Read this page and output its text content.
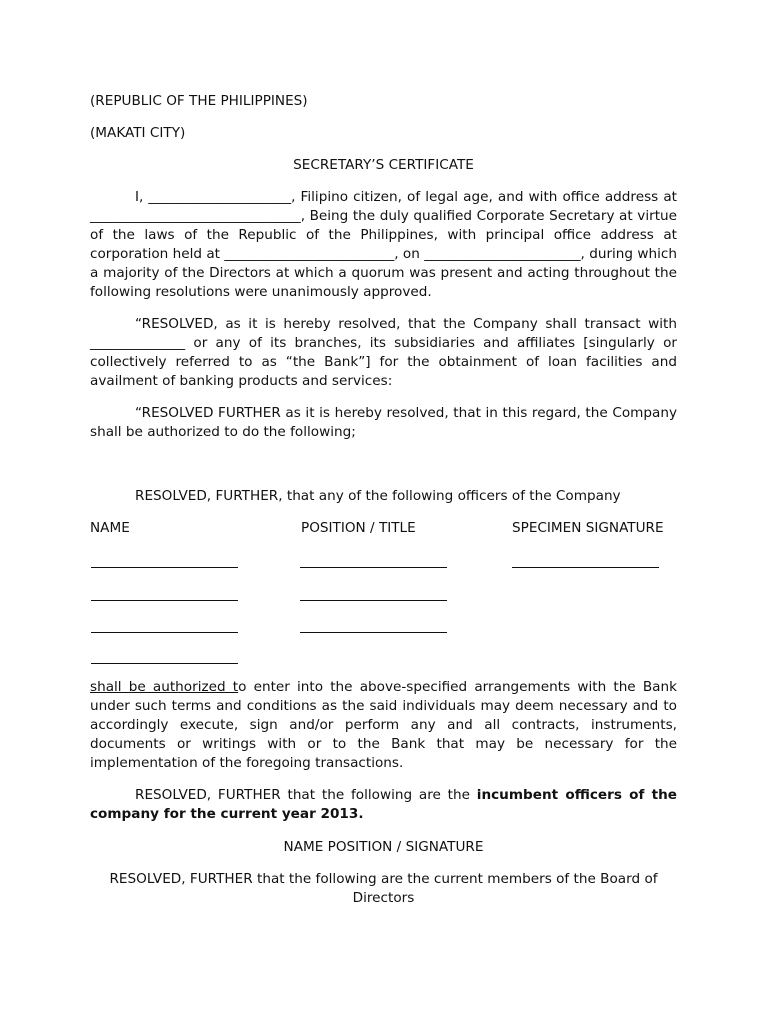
(REPUBLIC OF THE PHILIPPINES)

(MAKATI CITY)

SECRETARY’S CERTIFICATE

I, _____________________, Filipino citizen, of legal age, and with office address at _______________________________, Being the duly qualified Corporate Secretary at virtue of the laws of the Republic of the Philippines, with principal office address at corporation held at _________________________, on _______________________, during which a majority of the Directors at which a quorum was present and acting throughout the following resolutions were unanimously approved.

“RESOLVED, as it is hereby resolved, that the Company shall transact with ______________ or any of its branches, its subsidiaries and affiliates [singularly or collectively referred to as “the Bank”] for the obtainment of loan facilities and availment of banking products and services:

“RESOLVED FURTHER as it is hereby resolved, that in this regard, the Company shall be authorized to do the following;

RESOLVED, FURTHER, that any of the following officers of the Company

NAME	POSITION / TITLE	SPECIMEN SIGNATURE

shall be authorized to enter into the above-specified arrangements with the Bank under such terms and conditions as the said individuals may deem necessary and to accordingly execute, sign and/or perform any and all contracts, instruments, documents or writings with or to the Bank that may be necessary for the implementation of the foregoing transactions.

RESOLVED, FURTHER that the following are the incumbent officers of the company for the current year 2013.

NAME POSITION / SIGNATURE

RESOLVED, FURTHER that the following are the current members of the Board of Directors
